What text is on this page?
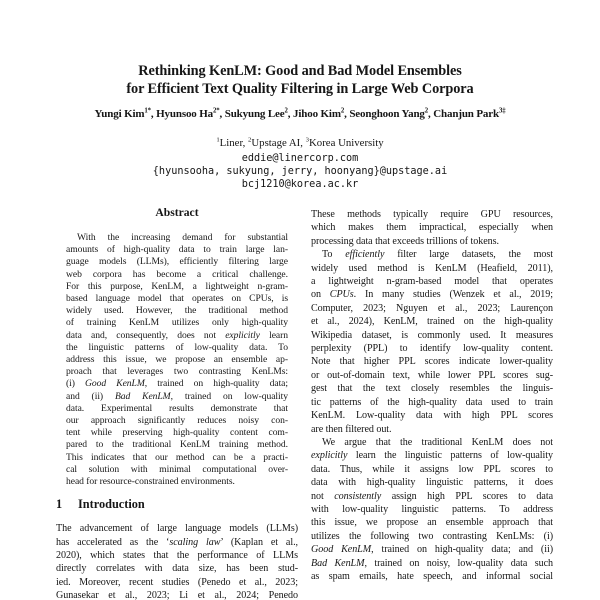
Rethinking KenLM: Good and Bad Model Ensembles
for Efficient Text Quality Filtering in Large Web Corpora
Yungi Kim$^{1*}$, Hyunsoo $Ha^{2*}$, Sukyung Lee$^2$, Jihoo Kim$^2$, Seonghoon Yang$^2$, Chanjun Park$^{3\ddagger}$
$^1$Liner, $^2$Upstage AI, $^3$Korea University
eddie@linercorp.com
{hyunsooha, sukyung, jerry, hoonyang}@upstage.ai
bcj1210@korea.ac.kr
Abstract
With the increasing demand for substantial
amounts of high-quality data to train large lan-
guage models (LLMs), efficiently filtering large
web corpora has become a critical challenge.
For this purpose, KenLM, a lightweight n-gram-
based language model that operates on CPUs, is
widely used. However, the traditional method
of training KenLM utilizes only high-quality
data and, consequently, does not explicitly learn
the linguistic patterns of low-quality data. To
address this issue, we propose an ensemble ap-
proach that leverages two contrasting KenLMs:
(i) Good KenLM, trained on high-quality data;
and (ii) Bad KenLM, trained on low-quality
data. Experimental results demonstrate that
our approach significantly reduces noisy con-
tent while preserving high-quality content com-
pared to the traditional KenLM training method.
This indicates that our method can be a practi-
cal solution with minimal computational over-
head for resource-constrained environments.
1 Introduction
The advancement of large language models (LLMs)
has accelerated as the ‘scaling law’ (Kaplan et al.,
2020), which states that the performance of LLMs
directly correlates with data size, has been stud-
ied. Moreover, recent studies (Penedo et al., 2023;
Gunasekar et al., 2023; Li et al., 2024; Penedo
These methods typically require GPU resources,
which makes them impractical, especially when
processing data that exceeds trillions of tokens.
To efficiently filter large datasets, the most
widely used method is KenLM (Heafield, 2011),
a lightweight n-gram-based model that operates
on CPUs. In many studies (Wenzek et al., 2019;
Computer, 2023; Nguyen et al., 2023; Laurençon
et al., 2024), KenLM, trained on the high-quality
Wikipedia dataset, is commonly used. It measures
perplexity (PPL) to identify low-quality content.
Note that higher PPL scores indicate lower-quality
or out-of-domain text, while lower PPL scores sug-
gest that the text closely resembles the linguis-
tic patterns of the high-quality data used to train
KenLM. Low-quality data with high PPL scores
are then filtered out.
We argue that the traditional KenLM does not
explicitly learn the linguistic patterns of low-quality
data. Thus, while it assigns low PPL scores to
data with high-quality linguistic patterns, it does
not consistently assign high PPL scores to data
with low-quality linguistic patterns. To address
this issue, we propose an ensemble approach that
utilizes the following two contrasting KenLMs: (i)
Good KenLM, trained on high-quality data; and (ii)
Bad KenLM, trained on noisy, low-quality data such
as spam emails, hate speech, and informal social
